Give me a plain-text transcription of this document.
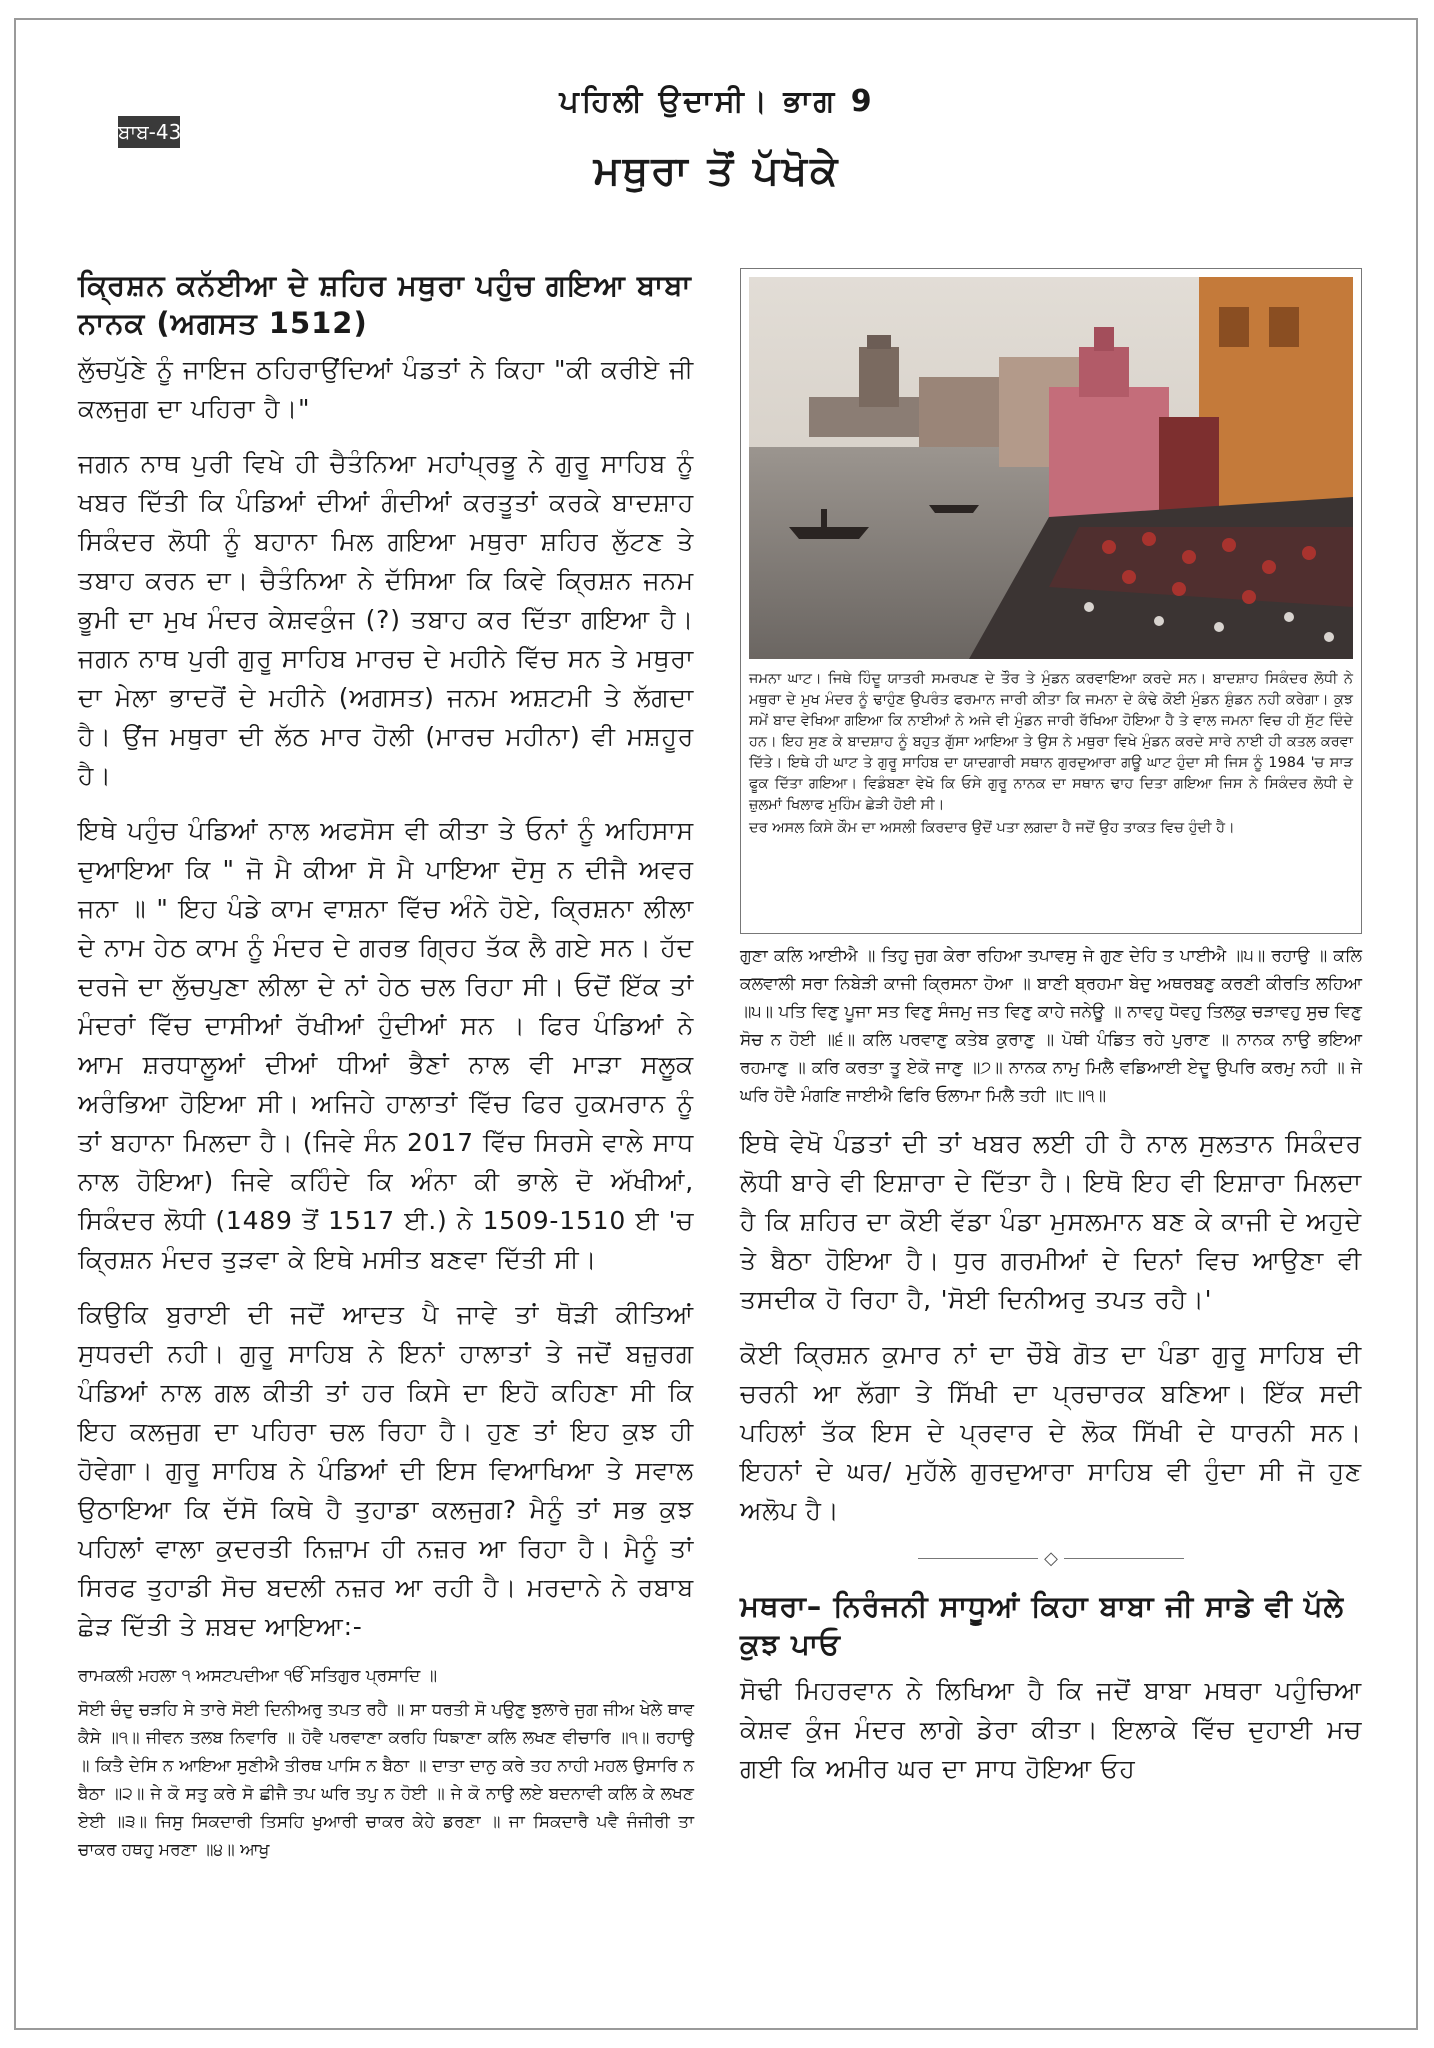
ਬਾਬ-43
ਪਹਿਲੀ ਉਦਾਸੀ। ਭਾਗ 9
ਮਥੁਰਾ ਤੋਂ ਪੱਖੋਕੇ
ਕ੍ਰਿਸ਼ਨ ਕਨੱਈਆ ਦੇ ਸ਼ਹਿਰ ਮਥੁਰਾ ਪਹੁੰਚ ਗਇਆ ਬਾਬਾ ਨਾਨਕ (ਅਗਸਤ 1512)

ਲੁੱਚਪੁੱਣੇ ਨੂੰ ਜਾਇਜ ਠਹਿਰਾਉਂਦਿਆਂ ਪੰਡਤਾਂ ਨੇ ਕਿਹਾ "ਕੀ ਕਰੀਏ ਜੀ ਕਲਜੁਗ ਦਾ ਪਹਿਰਾ ਹੈ।"

ਜਗਨ ਨਾਥ ਪੁਰੀ ਵਿਖੇ ਹੀ ਚੈਤੰਨਿਆ ਮਹਾਂਪ੍ਰਭੂ ਨੇ ਗੁਰੂ ਸਾਹਿਬ ਨੂੰ ਖਬਰ ਦਿੱਤੀ ਕਿ ਪੰਡਿਆਂ ਦੀਆਂ ਗੰਦੀਆਂ ਕਰਤੂਤਾਂ ਕਰਕੇ ਬਾਦਸ਼ਾਹ ਸਿਕੰਦਰ ਲੋਧੀ ਨੂੰ ਬਹਾਨਾ ਮਿਲ ਗਇਆ ਮਥੁਰਾ ਸ਼ਹਿਰ ਲੁੱਟਣ ਤੇ ਤਬਾਹ ਕਰਨ ਦਾ। ਚੈਤੰਨਿਆ ਨੇ ਦੱਸਿਆ ਕਿ ਕਿਵੇ ਕ੍ਰਿਸ਼ਨ ਜਨਮ ਭੂਮੀ ਦਾ ਮੁਖ ਮੰਦਰ ਕੇਸ਼ਵਕੁੰਜ (?) ਤਬਾਹ ਕਰ ਦਿੱਤਾ ਗਇਆ ਹੈ। ਜਗਨ ਨਾਥ ਪੁਰੀ ਗੁਰੂ ਸਾਹਿਬ ਮਾਰਚ ਦੇ ਮਹੀਨੇ ਵਿੱਚ ਸਨ ਤੇ ਮਥੁਰਾ ਦਾ ਮੇਲਾ ਭਾਦਰੋਂ ਦੇ ਮਹੀਨੇ (ਅਗਸਤ) ਜਨਮ ਅਸ਼ਟਮੀ ਤੇ ਲੱਗਦਾ ਹੈ। ਉਂਜ ਮਥੁਰਾ ਦੀ ਲੱਠ ਮਾਰ ਹੋਲੀ (ਮਾਰਚ ਮਹੀਨਾ) ਵੀ ਮਸ਼ਹੂਰ ਹੈ।

ਇਥੇ ਪਹੁੰਚ ਪੰਡਿਆਂ ਨਾਲ ਅਫਸੋਸ ਵੀ ਕੀਤਾ ਤੇ ਓਨਾਂ ਨੂੰ ਅਹਿਸਾਸ ਦੁਆਇਆ ਕਿ " ਜੋ ਮੈ ਕੀਆ ਸੋ ਮੈ ਪਾਇਆ ਦੋਸੁ ਨ ਦੀਜੈ ਅਵਰ ਜਨਾ ॥ " ਇਹ ਪੰਡੇ ਕਾਮ ਵਾਸ਼ਨਾ ਵਿੱਚ ਅੰਨੇ ਹੋਏ, ਕ੍ਰਿਸ਼ਨਾ ਲੀਲਾ ਦੇ ਨਾਮ ਹੇਠ ਕਾਮ ਨੂੰ ਮੰਦਰ ਦੇ ਗਰਭ ਗ੍ਰਿਹ ਤੱਕ ਲੈ ਗਏ ਸਨ। ਹੱਦ ਦਰਜੇ ਦਾ ਲੁੱਚਪੁਣਾ ਲੀਲਾ ਦੇ ਨਾਂ ਹੇਠ ਚਲ ਰਿਹਾ ਸੀ। ਓਦੋਂ ਇੱਕ ਤਾਂ ਮੰਦਰਾਂ ਵਿੱਚ ਦਾਸੀਆਂ ਰੱਖੀਆਂ ਹੁੰਦੀਆਂ ਸਨ । ਫਿਰ ਪੰਡਿਆਂ ਨੇ ਆਮ ਸ਼ਰਧਾਲੂਆਂ ਦੀਆਂ ਧੀਆਂ ਭੈਣਾਂ ਨਾਲ ਵੀ ਮਾੜਾ ਸਲੂਕ ਅਰੰਭਿਆ ਹੋਇਆ ਸੀ। ਅਜਿਹੇ ਹਾਲਾਤਾਂ ਵਿੱਚ ਫਿਰ ਹੁਕਮਰਾਨ ਨੂੰ ਤਾਂ ਬਹਾਨਾ ਮਿਲਦਾ ਹੈ। (ਜਿਵੇ ਸੰਨ 2017 ਵਿੱਚ ਸਿਰਸੇ ਵਾਲੇ ਸਾਧ ਨਾਲ ਹੋਇਆ) ਜਿਵੇ ਕਹਿੰਦੇ ਕਿ ਅੰਨਾ ਕੀ ਭਾਲੇ ਦੋ ਅੱਖੀਆਂ, ਸਿਕੰਦਰ ਲੋਧੀ (1489 ਤੋਂ 1517 ਈ.) ਨੇ 1509-1510 ਈ 'ਚ ਕ੍ਰਿਸ਼ਨ ਮੰਦਰ ਤੁੜਵਾ ਕੇ ਇਥੇ ਮਸੀਤ ਬਣਵਾ ਦਿੱਤੀ ਸੀ।

ਕਿਉਕਿ ਬੁਰਾਈ ਦੀ ਜਦੋਂ ਆਦਤ ਪੈ ਜਾਵੇ ਤਾਂ ਥੋੜੀ ਕੀਤਿਆਂ ਸੁਧਰਦੀ ਨਹੀ। ਗੁਰੂ ਸਾਹਿਬ ਨੇ ਇਨਾਂ ਹਾਲਾਤਾਂ ਤੇ ਜਦੋਂ ਬਜ਼ੁਰਗ ਪੰਡਿਆਂ ਨਾਲ ਗਲ ਕੀਤੀ ਤਾਂ ਹਰ ਕਿਸੇ ਦਾ ਇਹੋ ਕਹਿਣਾ ਸੀ ਕਿ ਇਹ ਕਲਜੁਗ ਦਾ ਪਹਿਰਾ ਚਲ ਰਿਹਾ ਹੈ। ਹੁਣ ਤਾਂ ਇਹ ਕੁਝ ਹੀ ਹੋਵੇਗਾ। ਗੁਰੂ ਸਾਹਿਬ ਨੇ ਪੰਡਿਆਂ ਦੀ ਇਸ ਵਿਆਖਿਆ ਤੇ ਸਵਾਲ ਉਠਾਇਆ ਕਿ ਦੱਸੋ ਕਿਥੇ ਹੈ ਤੁਹਾਡਾ ਕਲਜੁਗ? ਮੈਨੂੰ ਤਾਂ ਸਭ ਕੁਝ ਪਹਿਲਾਂ ਵਾਲਾ ਕੁਦਰਤੀ ਨਿਜ਼ਾਮ ਹੀ ਨਜ਼ਰ ਆ ਰਿਹਾ ਹੈ। ਮੈਨੂੰ ਤਾਂ ਸਿਰਫ ਤੁਹਾਡੀ ਸੋਚ ਬਦਲੀ ਨਜ਼ਰ ਆ ਰਹੀ ਹੈ। ਮਰਦਾਨੇ ਨੇ ਰਬਾਬ ਛੇੜ ਦਿੱਤੀ ਤੇ ਸ਼ਬਦ ਆਇਆ:-

ਰਾਮਕਲੀ ਮਹਲਾ ੧ ਅਸਟਪਦੀਆ ੴ ਸਤਿਗੁਰ ਪ੍ਰਸਾਦਿ ॥
ਸੋਈ ਚੰਦੁ ਚੜਹਿ ਸੇ ਤਾਰੇ ਸੋਈ ਦਿਨੀਅਰੁ ਤਪਤ ਰਹੈ ॥ ਸਾ ਧਰਤੀ ਸੋ ਪਉਣੁ ਝੁਲਾਰੇ ਜੁਗ ਜੀਅ ਖੇਲੇ ਥਾਵ ਕੈਸੇ ॥੧॥ ਜੀਵਨ ਤਲਬ ਨਿਵਾਰਿ ॥ ਹੋਵੈ ਪਰਵਾਣਾ ਕਰਹਿ ਧਿਙਾਣਾ ਕਲਿ ਲਖਣ ਵੀਚਾਰਿ ॥੧॥ ਰਹਾਉ ॥ ਕਿਤੈ ਦੇਸਿ ਨ ਆਇਆ ਸੁਣੀਐ ਤੀਰਥ ਪਾਸਿ ਨ ਬੈਠਾ ॥ ਦਾਤਾ ਦਾਨੁ ਕਰੇ ਤਹ ਨਾਹੀ ਮਹਲ ਉਸਾਰਿ ਨ ਬੈਠਾ ॥੨॥ ਜੇ ਕੋ ਸਤੁ ਕਰੇ ਸੋ ਛੀਜੈ ਤਪ ਘਰਿ ਤਪੁ ਨ ਹੋਈ ॥ ਜੇ ਕੋ ਨਾਉ ਲਏ ਬਦਨਾਵੀ ਕਲਿ ਕੇ ਲਖਣ ਏਈ ॥੩॥ ਜਿਸੁ ਸਿਕਦਾਰੀ ਤਿਸਹਿ ਖੁਆਰੀ ਚਾਕਰ ਕੇਹੇ ਡਰਣਾ ॥ ਜਾ ਸਿਕਦਾਰੈ ਪਵੈ ਜੰਜੀਰੀ ਤਾ ਚਾਕਰ ਹਥਹੁ ਮਰਣਾ ॥੪॥ ਆਖੁ
ਜਮਨਾ ਘਾਟ। ਜਿਥੇ ਹਿੰਦੂ ਯਾਤਰੀ ਸਮਰਪਣ ਦੇ ਤੌਰ ਤੇ ਮੁੰਡਨ ਕਰਵਾਇਆ ਕਰਦੇ ਸਨ। ਬਾਦਸ਼ਾਹ ਸਿਕੰਦਰ ਲੋਧੀ ਨੇ ਮਥੁਰਾ ਦੇ ਮੁਖ ਮੰਦਰ ਨੂੰ ਢਾਹੁੰਣ ਉਪਰੰਤ ਫਰਮਾਨ ਜਾਰੀ ਕੀਤਾ ਕਿ ਜਮਨਾ ਦੇ ਕੰਢੇ ਕੋਈ ਮੁੰਡਨ ਸ਼ੁੰਡਨ ਨਹੀ ਕਰੇਗਾ। ਕੁਝ ਸਮੇਂ ਬਾਦ ਵੇਖਿਆ ਗਇਆ ਕਿ ਨਾਈਆਂ ਨੇ ਅਜੇ ਵੀ ਮੁੰਡਨ ਜਾਰੀ ਰੱਖਿਆ ਹੋਇਆ ਹੈ ਤੇ ਵਾਲ ਜਮਨਾ ਵਿਚ ਹੀ ਸੁੱਟ ਦਿੰਦੇ ਹਨ। ਇਹ ਸੁਣ ਕੇ ਬਾਦਸ਼ਾਹ ਨੂੰ ਬਹੁਤ ਗੁੱਸਾ ਆਇਆ ਤੇ ਉਸ ਨੇ ਮਥੁਰਾ ਵਿਖੇ ਮੁੰਡਨ ਕਰਦੇ ਸਾਰੇ ਨਾਈ ਹੀ ਕਤਲ ਕਰਵਾ ਦਿੱਤੇ। ਇਥੇ ਹੀ ਘਾਟ ਤੇ ਗੁਰੂ ਸਾਹਿਬ ਦਾ ਯਾਦਗਾਰੀ ਸਥਾਨ ਗੁਰਦੁਆਰਾ ਗਊ ਘਾਟ ਹੁੰਦਾ ਸੀ ਜਿਸ ਨੂੰ 1984 'ਚ ਸਾੜ ਫੂਕ ਦਿੱਤਾ ਗਇਆ। ਵਿਡੰਬਣਾ ਵੇਖੋ ਕਿ ਓਸੇ ਗੁਰੂ ਨਾਨਕ ਦਾ ਸਥਾਨ ਢਾਹ ਦਿਤਾ ਗਇਆ ਜਿਸ ਨੇ ਸਿਕੰਦਰ ਲੋਧੀ ਦੇ ਜ਼ੁਲਮਾਂ ਖਿਲਾਫ ਮੁਹਿੰਮ ਛੇੜੀ ਹੋਈ ਸੀ।
ਦਰ ਅਸਲ ਕਿਸੇ ਕੌਮ ਦਾ ਅਸਲੀ ਕਿਰਦਾਰ ਉਦੋਂ ਪਤਾ ਲਗਦਾ ਹੈ ਜਦੋਂ ਉਹ ਤਾਕਤ ਵਿਚ ਹੁੰਦੀ ਹੈ।
ਗੁਣਾ ਕਲਿ ਆਈਐ ॥ ਤਿਹੁ ਜੁਗ ਕੇਰਾ ਰਹਿਆ ਤਪਾਵਸੁ ਜੇ ਗੁਣ ਦੇਹਿ ਤ ਪਾਈਐ ॥੫॥ ਰਹਾਉ ॥ ਕਲਿ ਕਲਵਾਲੀ ਸਰਾ ਨਿਬੇੜੀ ਕਾਜੀ ਕ੍ਰਿਸਨਾ ਹੋਆ ॥ ਬਾਣੀ ਬ੍ਰਹਮਾ ਬੇਦੁ ਅਥਰਬਣੁ ਕਰਣੀ ਕੀਰਤਿ ਲਹਿਆ ॥੫॥ ਪਤਿ ਵਿਣੁ ਪੂਜਾ ਸਤ ਵਿਣੁ ਸੰਜਮੁ ਜਤ ਵਿਣੁ ਕਾਹੇ ਜਨੇਊ ॥ ਨਾਵਹੁ ਧੋਵਹੁ ਤਿਲਕੁ ਚੜਾਵਹੁ ਸੁਚ ਵਿਣੁ ਸੋਚ ਨ ਹੋਈ ॥੬॥ ਕਲਿ ਪਰਵਾਣੁ ਕਤੇਬ ਕੁਰਾਣੁ ॥ ਪੋਥੀ ਪੰਡਿਤ ਰਹੇ ਪੁਰਾਣ ॥ ਨਾਨਕ ਨਾਉ ਭਇਆ ਰਹਮਾਣੁ ॥ ਕਰਿ ਕਰਤਾ ਤੂ ਏਕੋ ਜਾਣੁ ॥੭॥ ਨਾਨਕ ਨਾਮੁ ਮਿਲੈ ਵਡਿਆਈ ਏਦੂ ਉਪਰਿ ਕਰਮੁ ਨਹੀ ॥ ਜੇ ਘਰਿ ਹੋਦੈ ਮੰਗਣਿ ਜਾਈਐ ਫਿਰਿ ਓਲਾਮਾ ਮਿਲੈ ਤਹੀ ॥੮॥੧॥

ਇਥੇ ਵੇਖੋ ਪੰਡਤਾਂ ਦੀ ਤਾਂ ਖਬਰ ਲਈ ਹੀ ਹੈ ਨਾਲ ਸੁਲਤਾਨ ਸਿਕੰਦਰ ਲੋਧੀ ਬਾਰੇ ਵੀ ਇਸ਼ਾਰਾ ਦੇ ਦਿੱਤਾ ਹੈ। ਇਥੋ ਇਹ ਵੀ ਇਸ਼ਾਰਾ ਮਿਲਦਾ ਹੈ ਕਿ ਸ਼ਹਿਰ ਦਾ ਕੋਈ ਵੱਡਾ ਪੰਡਾ ਮੁਸਲਮਾਨ ਬਣ ਕੇ ਕਾਜੀ ਦੇ ਅਹੁਦੇ ਤੇ ਬੈਠਾ ਹੋਇਆ ਹੈ। ਧੁਰ ਗਰਮੀਆਂ ਦੇ ਦਿਨਾਂ ਵਿਚ ਆਉਣਾ ਵੀ ਤਸਦੀਕ ਹੋ ਰਿਹਾ ਹੈ, 'ਸੋਈ ਦਿਨੀਅਰੁ ਤਪਤ ਰਹੈ।'

ਕੋਈ ਕ੍ਰਿਸ਼ਨ ਕੁਮਾਰ ਨਾਂ ਦਾ ਚੌਬੇ ਗੋਤ ਦਾ ਪੰਡਾ ਗੁਰੂ ਸਾਹਿਬ ਦੀ ਚਰਨੀ ਆ ਲੱਗਾ ਤੇ ਸਿੱਖੀ ਦਾ ਪ੍ਰਚਾਰਕ ਬਣਿਆ। ਇੱਕ ਸਦੀ ਪਹਿਲਾਂ ਤੱਕ ਇਸ ਦੇ ਪ੍ਰਵਾਰ ਦੇ ਲੋਕ ਸਿੱਖੀ ਦੇ ਧਾਰਨੀ ਸਨ। ਇਹਨਾਂ ਦੇ ਘਰ/ ਮੁਹੱਲੇ ਗੁਰਦੁਆਰਾ ਸਾਹਿਬ ਵੀ ਹੁੰਦਾ ਸੀ ਜੋ ਹੁਣ ਅਲੋਪ ਹੈ।

◇
ਮਥਰਾ– ਨਿਰੰਜਨੀ ਸਾਧੂਆਂ ਕਿਹਾ ਬਾਬਾ ਜੀ ਸਾਡੇ ਵੀ ਪੱਲੇ ਕੁਝ ਪਾਓ

ਸੋਢੀ ਮਿਹਰਵਾਨ ਨੇ ਲਿਖਿਆ ਹੈ ਕਿ ਜਦੋਂ ਬਾਬਾ ਮਥਰਾ ਪਹੁੰਚਿਆ ਕੇਸ਼ਵ ਕੁੰਜ ਮੰਦਰ ਲਾਗੇ ਡੇਰਾ ਕੀਤਾ। ਇਲਾਕੇ ਵਿੱਚ ਦੁਹਾਈ ਮਚ ਗਈ ਕਿ ਅਮੀਰ ਘਰ ਦਾ ਸਾਧ ਹੋਇਆ ਓਹ
